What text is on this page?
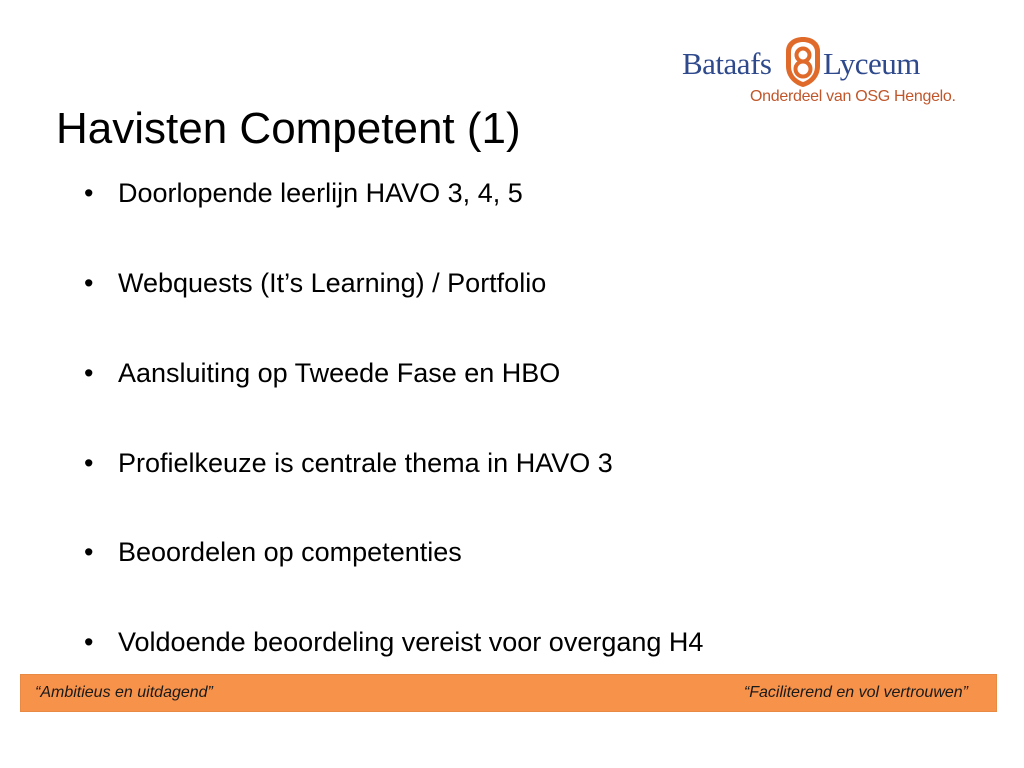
Bataafs Lyceum
Onderdeel van OSG Hengelo.
Havisten Competent (1)
• Doorlopende leerlijn HAVO 3, 4, 5
• Webquests (It’s Learning) / Portfolio
• Aansluiting op Tweede Fase en HBO
• Profielkeuze is centrale thema in HAVO 3
• Beoordelen op competenties
• Voldoende beoordeling vereist voor overgang H4
“Ambitieus en uitdagend”	“Faciliterend en vol vertrouwen”
